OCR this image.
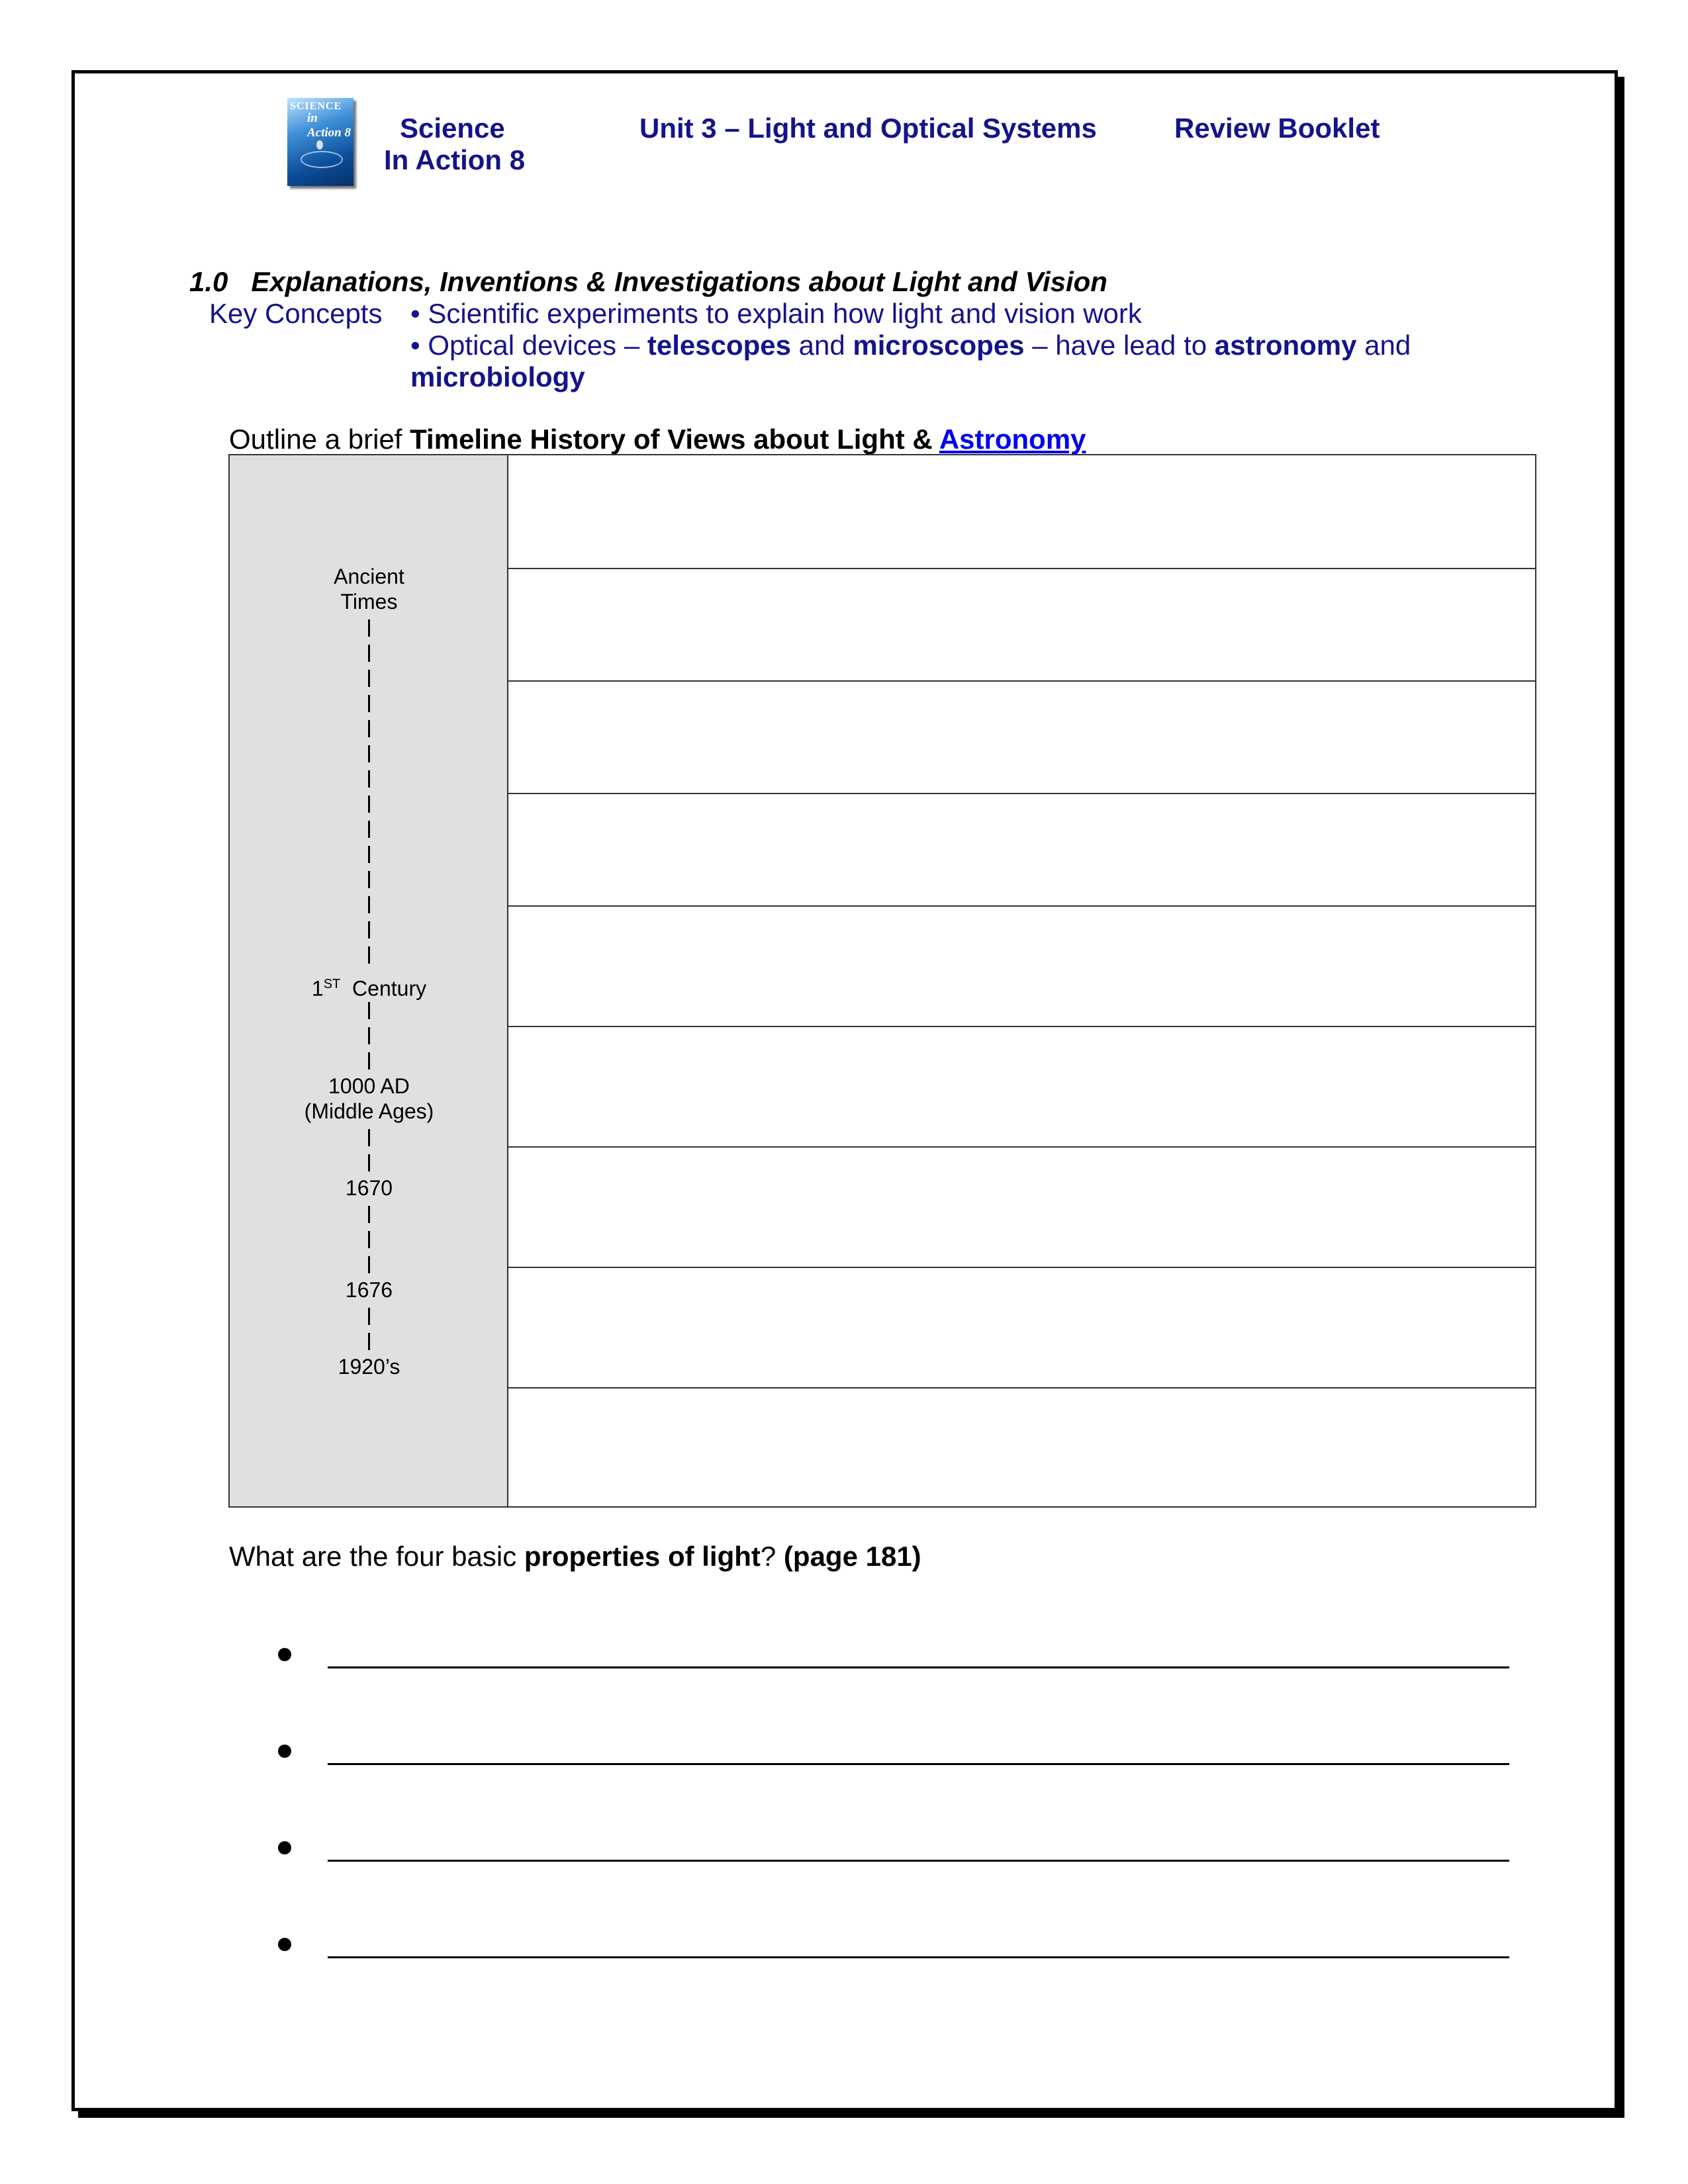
SCIENCE
in Action 8 Science
In Action 8
Unit 3 – Light and Optical Systems	Review Booklet
1.0 Explanations, Inventions & Investigations about Light and Vision
Key Concepts • Scientific experiments to explain how light and vision work
• Optical devices – telescopes and microscopes – have lead to astronomy and
microbiology
Outline a brief Timeline History of Views about Light & Astronomy
Ancient
Times
1ST Century
1000 AD
(Middle Ages)
1670
1676
1920’s
What are the four basic properties of light? (page 181)
